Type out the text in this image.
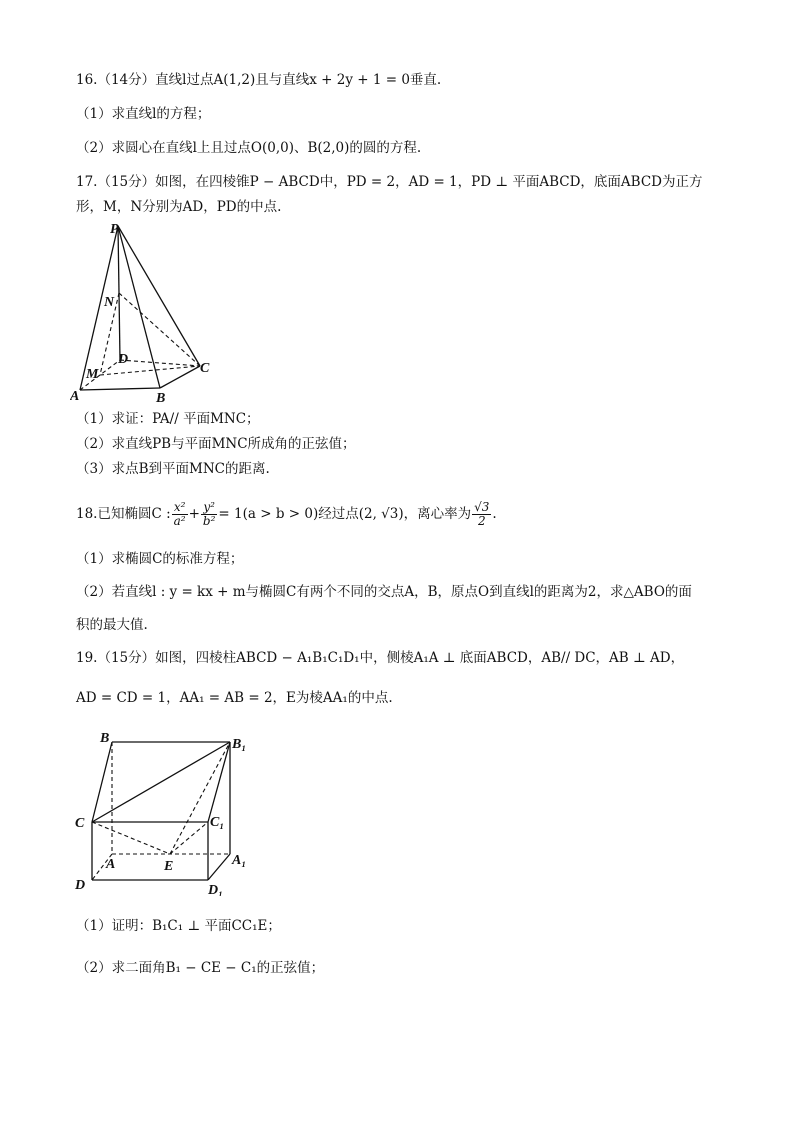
16.（14分）直线l过点A(1,2)且与直线x + 2y + 1 = 0垂直.
（1）求直线l的方程；
（2）求圆心在直线l上且过点O(0,0)、B(2,0)的圆的方程.
17.（15分）如图，在四棱锥P − ABCD中，PD = 2，AD = 1，PD ⊥ 平面ABCD，底面ABCD为正方
形，M，N分别为AD，PD的中点.
P
N
D
M
A	B
C
（1）求证：PA// 平面MNC；
（2）求直线PB与平面MNC所成角的正弦值；
（3）求点B到平面MNC的距离.
18.已知椭圆C : $\frac{\text{x²}}{\text{a²}} + \frac{\text{y²}}{\text{b²}} = 1(a > b > 0)$经过点(2, √3)，离心率为 $\frac{√3}{2}$ .
（1）求椭圆C的标准方程；
（2）若直线l : y = kx + m与椭圆C有两个不同的交点A，B，原点O到直线l的距离为2，求△ABO的面
积的最大值.
19.（15分）如图，四棱柱ABCD − A₁B₁C₁D₁中，侧棱A₁A ⊥ 底面ABCD，AB// DC，AB ⊥ AD，
AD = CD = 1，AA₁ = AB = 2，E为棱AA₁的中点.
B	B₁
C	C₁
A	E	A₁
D	D₁
（1）证明：B₁C₁ ⊥ 平面CC₁E；
（2）求二面角B₁ − CE − C₁的正弦值；
